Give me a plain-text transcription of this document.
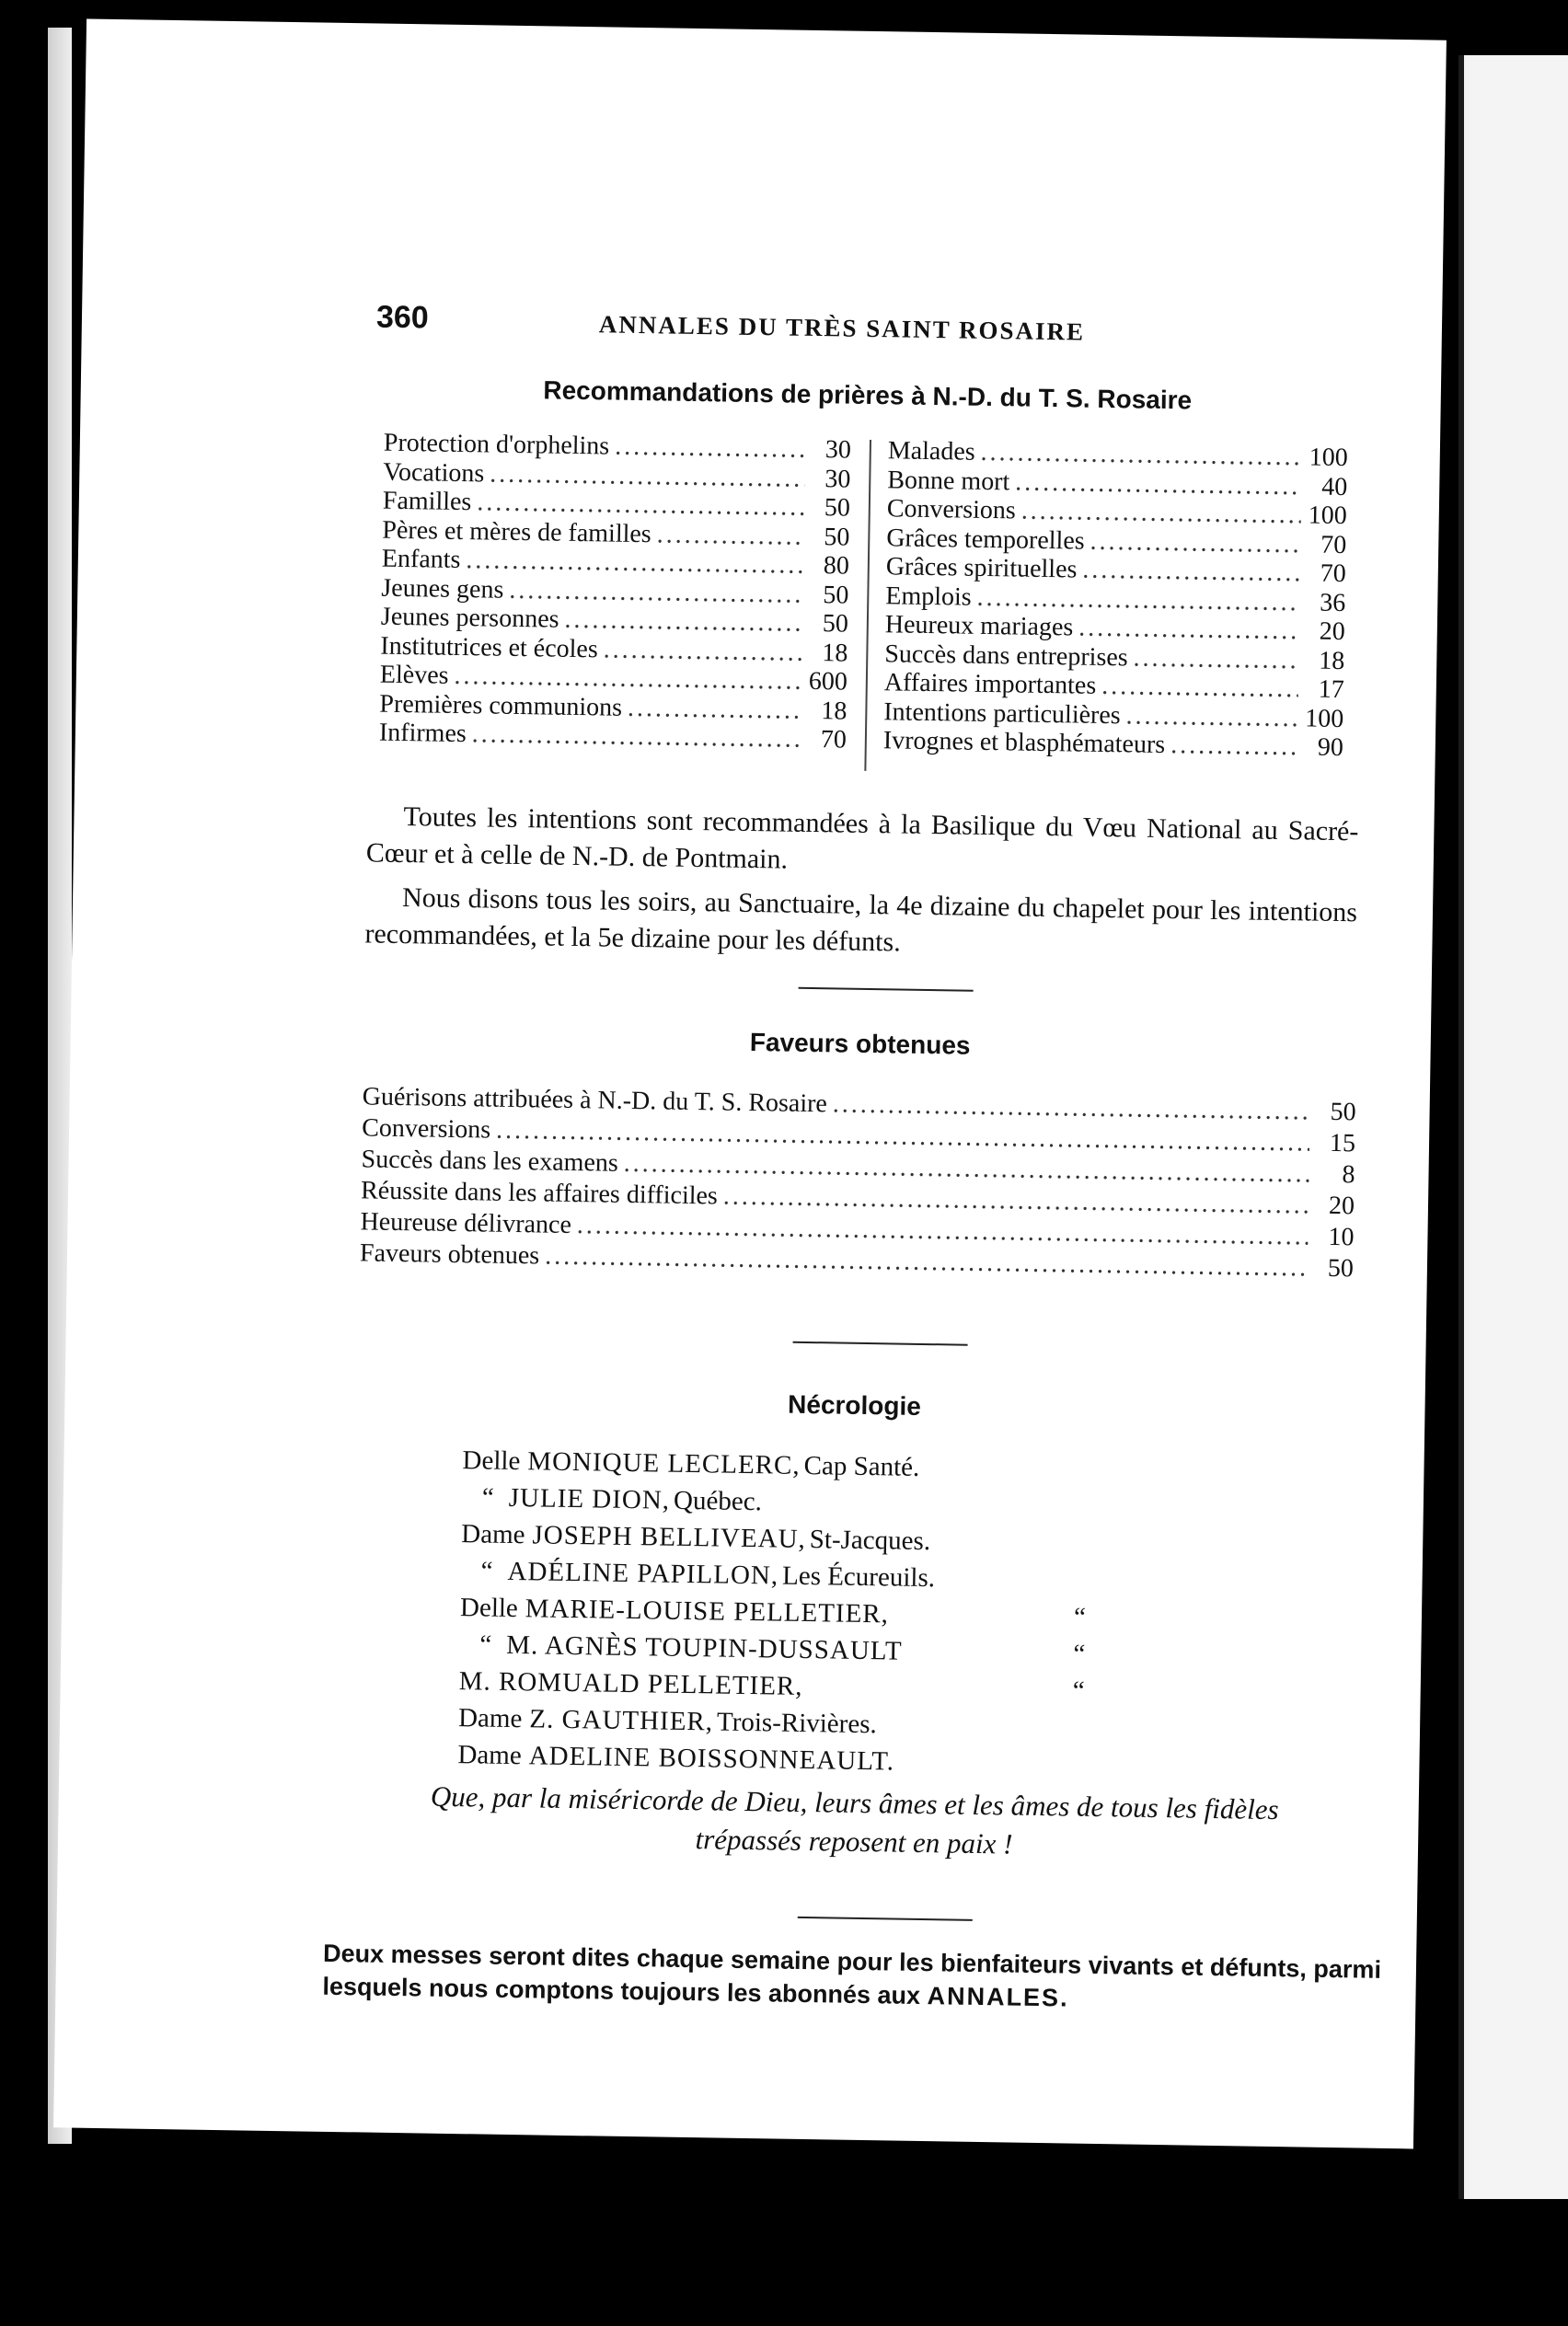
360	ANNALES DU TRÈS SAINT ROSAIRE
Recommandations de prières à N.-D. du T. S. Rosaire
Protection d'orphelins .....	30
Vocations .....	30
Familles .....	50
Pères et mères de familles .....	50
Enfants .....	80
Jeunes gens .....	50
Jeunes personnes .....	50
Institutrices et écoles .....	18
Elèves .....	600
Premières communions .....	18
Infirmes .....	70
Malades .....	100
Bonne mort .....	40
Conversions .....	100
Grâces temporelles .....	70
Grâces spirituelles .....	70
Emplois .....	36
Heureux mariages .....	20
Succès dans entreprises .....	18
Affaires importantes .....	17
Intentions particulières .....	100
Ivrognes et blasphémateurs .....	90
Toutes les intentions sont recommandées à la Basilique du Vœu National au Sacré-Cœur et à celle de N.-D. de Pontmain.
Nous disons tous les soirs, au Sanctuaire, la 4e dizaine du chapelet pour les intentions recommandées, et la 5e dizaine pour les défunts.
Faveurs obtenues
Guérisons attribuées à N.-D. du T. S. Rosaire .....	50
Conversions .....	15
Succès dans les examens .....	8
Réussite dans les affaires difficiles .....	20
Heureuse délivrance .....	10
Faveurs obtenues .....	50
Nécrologie
Delle MONIQUE LECLERC, Cap Santé.
“ JULIE DION, Québec.
Dame JOSEPH BELLIVEAU, St-Jacques.
“ ADÉLINE PAPILLON, Les Écureuils.
Delle MARIE-LOUISE PELLETIER,	“
“ M. AGNÈS TOUPIN-DUSSAULT	“
M. ROMUALD PELLETIER,	“
Dame Z. GAUTHIER, Trois-Rivières.
Dame ADELINE BOISSONNEAULT.
Que, par la miséricorde de Dieu, leurs âmes et les âmes de tous les fidèles
trépassés reposent en paix !
Deux messes seront dites chaque semaine pour les bienfaiteurs vivants et défunts, parmi lesquels nous comptons toujours les abonnés aux ANNALES.
